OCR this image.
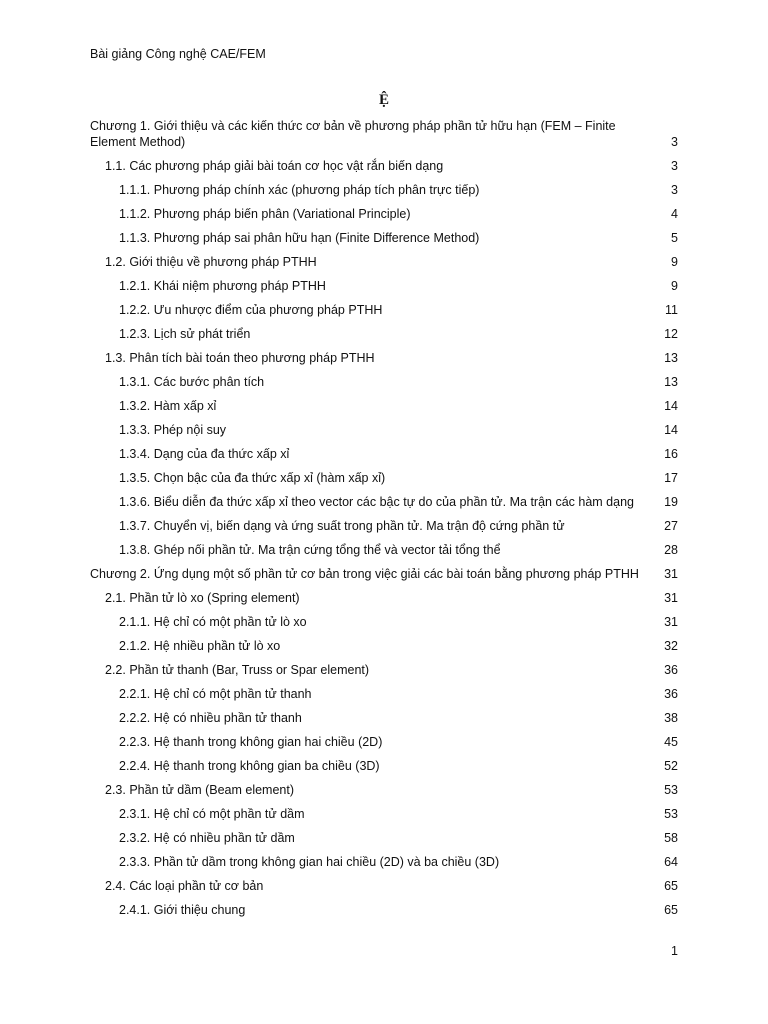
Bài giảng Công nghệ CAE/FEM
Ệ
Chương 1. Giới thiệu và các kiến thức cơ bản về phương pháp phần tử hữu hạn (FEM – Finite Element Method)	3
1.1. Các phương pháp giải bài toán cơ học vật rắn biến dạng	3
1.1.1. Phương pháp chính xác (phương pháp tích phân trực tiếp)	3
1.1.2. Phương pháp biến phân (Variational Principle)	4
1.1.3. Phương pháp sai phân hữu hạn (Finite Difference Method)	5
1.2. Giới thiệu về phương pháp PTHH	9
1.2.1. Khái niệm phương pháp PTHH	9
1.2.2. Ưu nhược điểm của phương pháp PTHH	11
1.2.3. Lịch sử phát triển	12
1.3. Phân tích bài toán theo phương pháp PTHH	13
1.3.1. Các bước phân tích	13
1.3.2. Hàm xấp xỉ	14
1.3.3. Phép nội suy	14
1.3.4. Dạng của đa thức xấp xỉ	16
1.3.5. Chọn bậc của đa thức xấp xỉ (hàm xấp xỉ)	17
1.3.6. Biểu diễn đa thức xấp xỉ theo vector các bậc tự do của phần tử. Ma trận các hàm dạng	19
1.3.7. Chuyển vị, biến dạng và ứng suất trong phần tử. Ma trận độ cứng phần tử	27
1.3.8. Ghép nối phần tử. Ma trận cứng tổng thể và vector tải tổng thể	28
Chương 2. Ứng dụng một số phần tử cơ bản trong việc giải các bài toán bằng phương pháp PTHH	31
2.1. Phần tử lò xo (Spring element)	31
2.1.1. Hệ chỉ có một phần tử lò xo	31
2.1.2. Hệ nhiều phần tử lò xo	32
2.2. Phần tử thanh (Bar, Truss or Spar element)	36
2.2.1. Hệ chỉ có một phần tử thanh	36
2.2.2. Hệ có nhiều phần tử thanh	38
2.2.3. Hệ thanh trong không gian hai chiều (2D)	45
2.2.4. Hệ thanh trong không gian ba chiều (3D)	52
2.3. Phần tử dầm (Beam element)	53
2.3.1. Hệ chỉ có một phần tử dầm	53
2.3.2. Hệ có nhiều phần tử dầm	58
2.3.3. Phần tử dầm trong không gian hai chiều (2D) và ba chiều (3D)	64
2.4. Các loại phần tử cơ bản	65
2.4.1. Giới thiệu chung	65
1
